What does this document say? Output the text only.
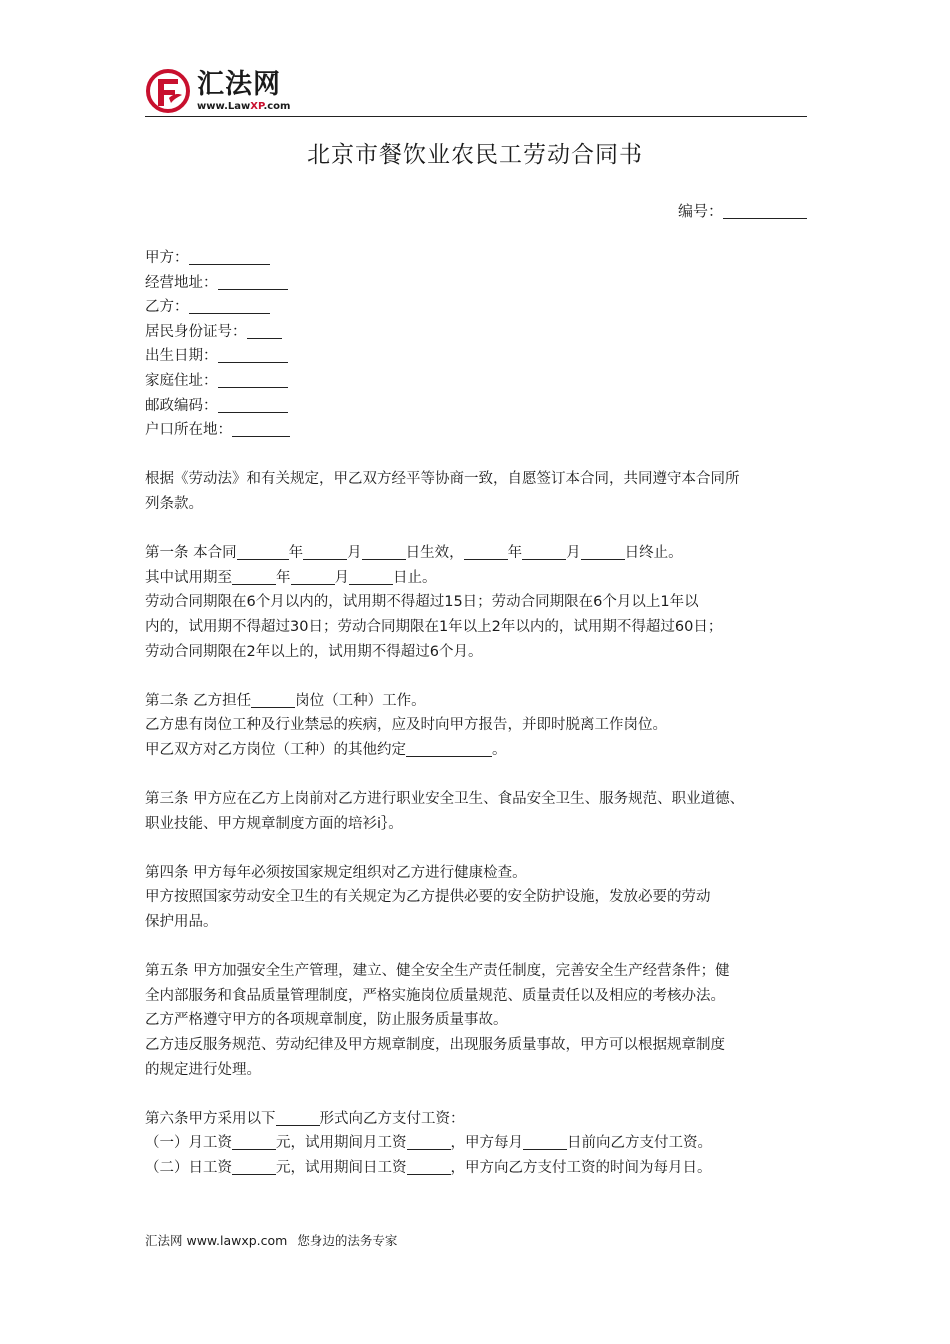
汇法网
www.LawXP.com
北京市餐饮业农民工劳动合同书
编号：
甲方：
经营地址：
乙方：
居民身份证号：
出生日期：
家庭住址：
邮政编码：
户口所在地：
根据《劳动法》和有关规定，甲乙双方经平等协商一致，自愿签订本合同，共同遵守本合同所
列条款。
第一条 本合同	年	月	日生效，	年	月	日终止。
其中试用期至	年	月	日止。
劳动合同期限在6个月以内的，试用期不得超过15日；劳动合同期限在6个月以上1年以
内的，试用期不得超过30日；劳动合同期限在1年以上2年以内的，试用期不得超过60日；
劳动合同期限在2年以上的，试用期不得超过6个月。
第二条 乙方担任	岗位（工种）工作。
乙方患有岗位工种及行业禁忌的疾病，应及时向甲方报告，并即时脱离工作岗位。
甲乙双方对乙方岗位（工种）的其他约定	。
第三条 甲方应在乙方上岗前对乙方进行职业安全卫生、食品安全卫生、服务规范、职业道德、
职业技能、甲方规章制度方面的培衫i｝。
第四条 甲方每年必须按国家规定组织对乙方进行健康检查。
甲方按照国家劳动安全卫生的有关规定为乙方提供必要的安全防护设施，发放必要的劳动
保护用品。
第五条 甲方加强安全生产管理，建立、健全安全生产责任制度，完善安全生产经营条件；健
全内部服务和食品质量管理制度，严格实施岗位质量规范、质量责任以及相应的考核办法。
乙方严格遵守甲方的各项规章制度，防止服务质量事故。
乙方违反服务规范、劳动纪律及甲方规章制度，出现服务质量事故，甲方可以根据规章制度
的规定进行处理。
第六条甲方采用以下	形式向乙方支付工资：
（一）月工资	元，试用期间月工资	，甲方每月	日前向乙方支付工资。
（二）日工资	元，试用期间日工资	，甲方向乙方支付工资的时间为每月日。
汇法网 www.lawxp.com 您身边的法务专家
